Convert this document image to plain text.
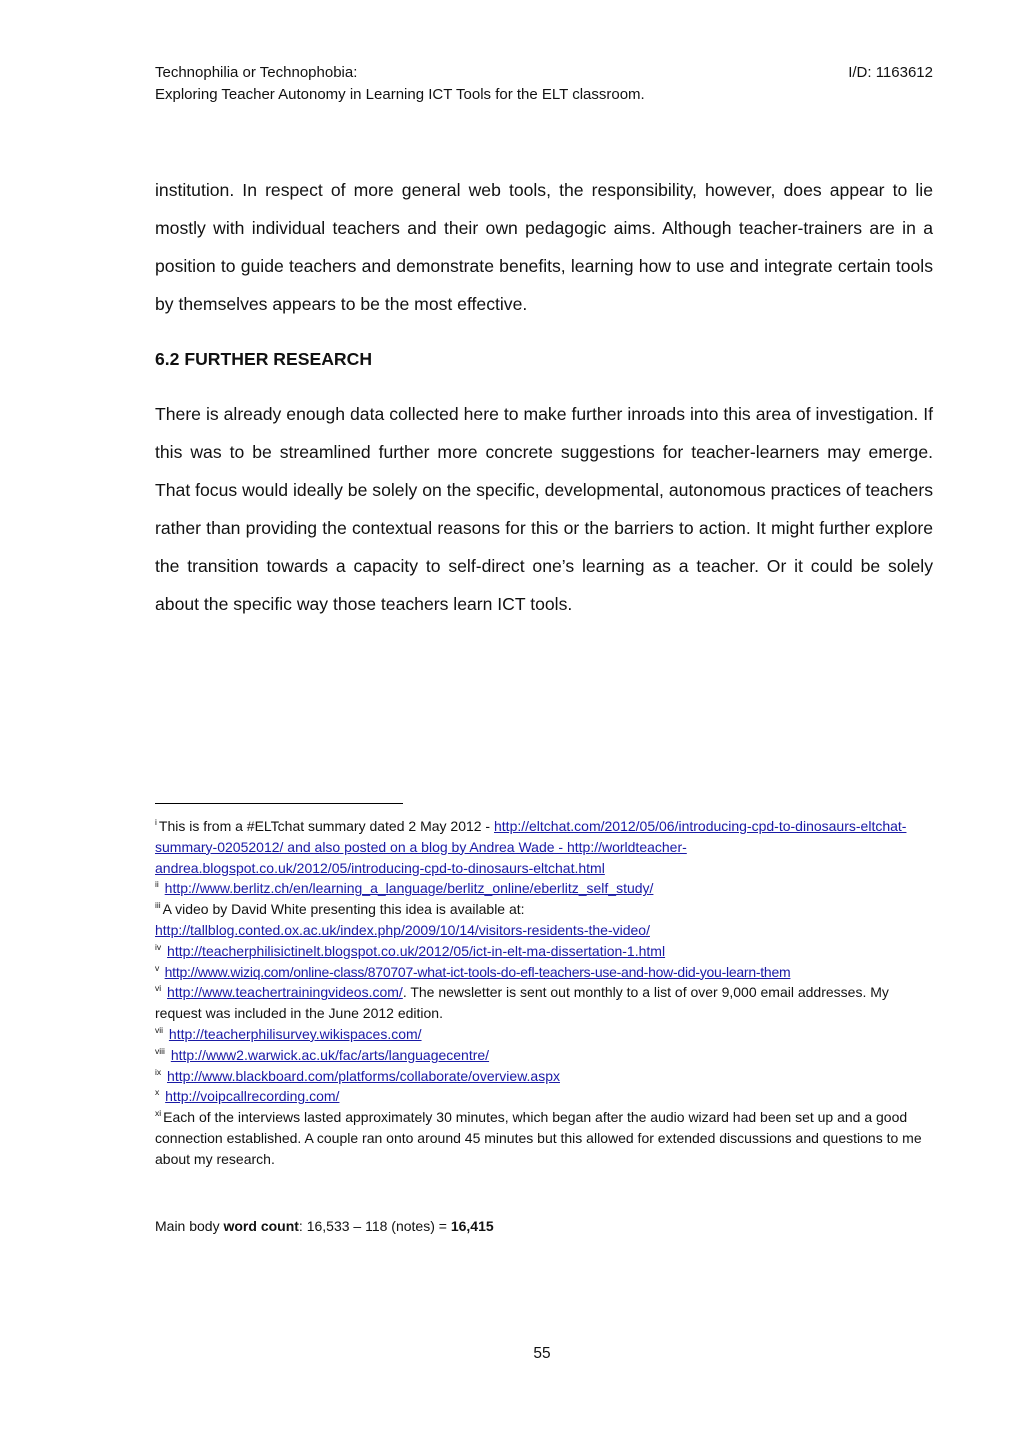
Technophilia or Technophobia:	I/D: 1163612
Exploring Teacher Autonomy in Learning ICT Tools for the ELT classroom.

institution. In respect of more general web tools, the responsibility, however, does appear to lie mostly with individual teachers and their own pedagogic aims. Although teacher-trainers are in a position to guide teachers and demonstrate benefits, learning how to use and integrate certain tools by themselves appears to be the most effective.

6.2 FURTHER RESEARCH

There is already enough data collected here to make further inroads into this area of investigation. If this was to be streamlined further more concrete suggestions for teacher-learners may emerge. That focus would ideally be solely on the specific, developmental, autonomous practices of teachers rather than providing the contextual reasons for this or the barriers to action. It might further explore the transition towards a capacity to self-direct one’s learning as a teacher. Or it could be solely about the specific way those teachers learn ICT tools.

$^i$ This is from a #ELTchat summary dated 2 May 2012 - http://eltchat.com/2012/05/06/introducing-cpd-to-dinosaurs-eltchat-summary-02052012/ and also posted on a blog by Andrea Wade - http://worldteacher-andrea.blogspot.co.uk/2012/05/introducing-cpd-to-dinosaurs-eltchat.html

$^{ii}$ http://www.berlitz.ch/en/learning_a_language/berlitz_online/eberlitz_self_study/

$^{iii}$ A video by David White presenting this idea is available at:
http://tallblog.conted.ox.ac.uk/index.php/2009/10/14/visitors-residents-the-video/

$^{iv}$ http://teacherphilisictinelt.blogspot.co.uk/2012/05/ict-in-elt-ma-dissertation-1.html

$^v$ http://www.wiziq.com/online-class/870707-what-ict-tools-do-efl-teachers-use-and-how-did-you-learn-them

$^{vi}$ http://www.teachertrainingvideos.com/. The newsletter is sent out monthly to a list of over 9,000 email addresses. My request was included in the June 2012 edition.

$^{vii}$ http://teacherphilisurvey.wikispaces.com/

$^{viii}$ http://www2.warwick.ac.uk/fac/arts/languagecentre/

$^{ix}$ http://www.blackboard.com/platforms/collaborate/overview.aspx

$^x$ http://voipcallrecording.com/

$^{xi}$ Each of the interviews lasted approximately 30 minutes, which began after the audio wizard had been set up and a good connection established. A couple ran onto around 45 minutes but this allowed for extended discussions and questions to me about my research.

Main body word count: 16,533 – 118 (notes) = 16,415
55
